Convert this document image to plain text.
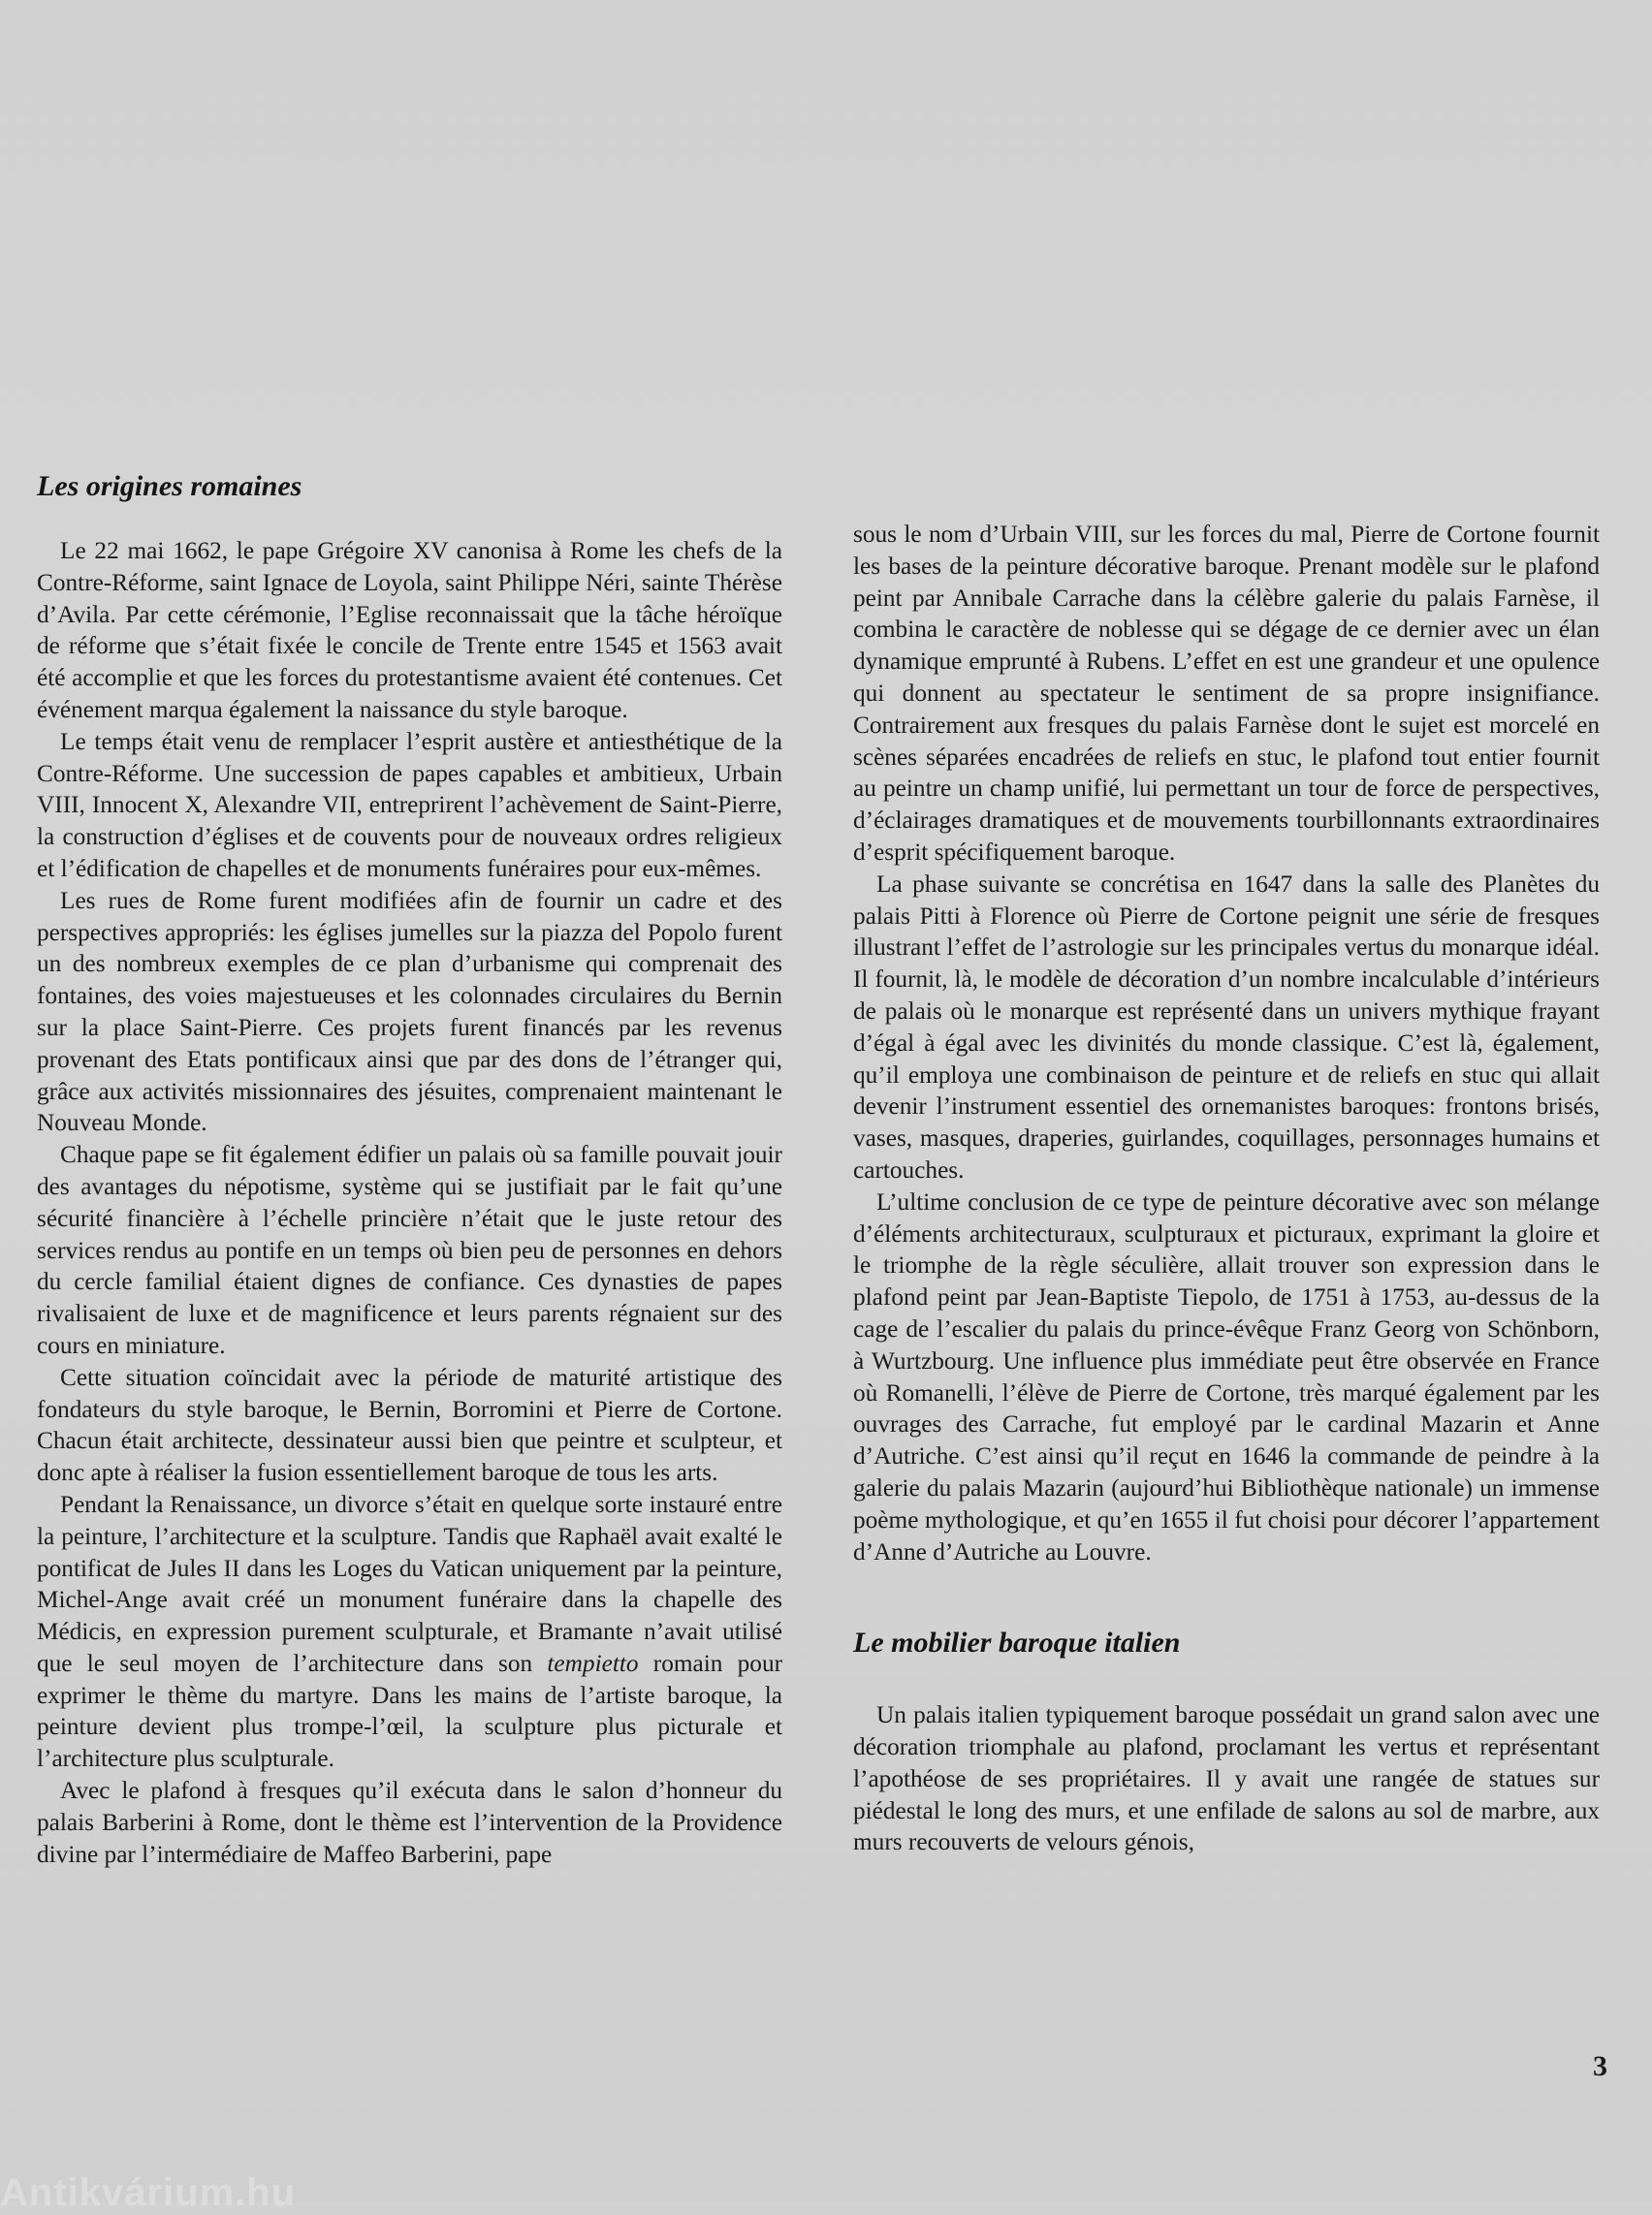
Les origines romaines

Le 22 mai 1662, le pape Grégoire XV canonisa à Rome les chefs de la Contre-Réforme, saint Ignace de Loyola, saint Philippe Néri, sainte Thérèse d’Avila. Par cette cérémonie, l’Eglise reconnaissait que la tâche héroïque de réforme que s’était fixée le concile de Trente entre 1545 et 1563 avait été accomplie et que les forces du protestantisme avaient été contenues. Cet événement marqua également la naissance du style baroque.

Le temps était venu de remplacer l’esprit austère et antiesthétique de la Contre-Réforme. Une succession de papes capables et ambitieux, Urbain VIII, Innocent X, Alexandre VII, entreprirent l’achèvement de Saint-Pierre, la construction d’églises et de couvents pour de nouveaux ordres religieux et l’édification de chapelles et de monuments funéraires pour eux-mêmes.

Les rues de Rome furent modifiées afin de fournir un cadre et des perspectives appropriés: les églises jumelles sur la piazza del Popolo furent un des nombreux exemples de ce plan d’urbanisme qui comprenait des fontaines, des voies majestueuses et les colonnades circulaires du Bernin sur la place Saint-Pierre. Ces projets furent financés par les revenus provenant des Etats pontificaux ainsi que par des dons de l’étranger qui, grâce aux activités missionnaires des jésuites, comprenaient maintenant le Nouveau Monde.

Chaque pape se fit également édifier un palais où sa famille pouvait jouir des avantages du népotisme, système qui se justifiait par le fait qu’une sécurité financière à l’échelle princière n’était que le juste retour des services rendus au pontife en un temps où bien peu de personnes en dehors du cercle familial étaient dignes de confiance. Ces dynasties de papes rivalisaient de luxe et de magnificence et leurs parents régnaient sur des cours en miniature.

Cette situation coïncidait avec la période de maturité artistique des fondateurs du style baroque, le Bernin, Borromini et Pierre de Cortone. Chacun était architecte, dessinateur aussi bien que peintre et sculpteur, et donc apte à réaliser la fusion essentiellement baroque de tous les arts.

Pendant la Renaissance, un divorce s’était en quelque sorte instauré entre la peinture, l’architecture et la sculpture. Tandis que Raphaël avait exalté le pontificat de Jules II dans les Loges du Vatican uniquement par la peinture, Michel-Ange avait créé un monument funéraire dans la chapelle des Médicis, en expression purement sculpturale, et Bramante n’avait utilisé que le seul moyen de l’architecture dans son tempietto romain pour exprimer le thème du martyre. Dans les mains de l’artiste baroque, la peinture devient plus trompe-l’œil, la sculpture plus picturale et l’architecture plus sculpturale.

Avec le plafond à fresques qu’il exécuta dans le salon d’honneur du palais Barberini à Rome, dont le thème est l’intervention de la Providence divine par l’intermédiaire de Maffeo Barberini, pape

sous le nom d’Urbain VIII, sur les forces du mal, Pierre de Cortone fournit les bases de la peinture décorative baroque. Prenant modèle sur le plafond peint par Annibale Carrache dans la célèbre galerie du palais Farnèse, il combina le caractère de noblesse qui se dégage de ce dernier avec un élan dynamique emprunté à Rubens. L’effet en est une grandeur et une opulence qui donnent au spectateur le sentiment de sa propre insignifiance. Contrairement aux fresques du palais Farnèse dont le sujet est morcelé en scènes séparées encadrées de reliefs en stuc, le plafond tout entier fournit au peintre un champ unifié, lui permettant un tour de force de perspectives, d’éclairages dramatiques et de mouvements tourbillonnants extraordinaires d’esprit spécifiquement baroque.

La phase suivante se concrétisa en 1647 dans la salle des Planètes du palais Pitti à Florence où Pierre de Cortone peignit une série de fresques illustrant l’effet de l’astrologie sur les principales vertus du monarque idéal. Il fournit, là, le modèle de décoration d’un nombre incalculable d’intérieurs de palais où le monarque est représenté dans un univers mythique frayant d’égal à égal avec les divinités du monde classique. C’est là, également, qu’il employa une combinaison de peinture et de reliefs en stuc qui allait devenir l’instrument essentiel des ornemanistes baroques: frontons brisés, vases, masques, draperies, guirlandes, coquillages, personnages humains et cartouches.

L’ultime conclusion de ce type de peinture décorative avec son mélange d’éléments architecturaux, sculpturaux et picturaux, exprimant la gloire et le triomphe de la règle séculière, allait trouver son expression dans le plafond peint par Jean-Baptiste Tiepolo, de 1751 à 1753, au-dessus de la cage de l’escalier du palais du prince-évêque Franz Georg von Schönborn, à Wurtzbourg. Une influence plus immédiate peut être observée en France où Romanelli, l’élève de Pierre de Cortone, très marqué également par les ouvrages des Carrache, fut employé par le cardinal Mazarin et Anne d’Autriche. C’est ainsi qu’il reçut en 1646 la commande de peindre à la galerie du palais Mazarin (aujourd’hui Bibliothèque nationale) un immense poème mythologique, et qu’en 1655 il fut choisi pour décorer l’appartement d’Anne d’Autriche au Louvre.

Le mobilier baroque italien

Un palais italien typiquement baroque possédait un grand salon avec une décoration triomphale au plafond, proclamant les vertus et représentant l’apothéose de ses propriétaires. Il y avait une rangée de statues sur piédestal le long des murs, et une enfilade de salons au sol de marbre, aux murs recouverts de velours génois,

3
Antikvárium.hu
